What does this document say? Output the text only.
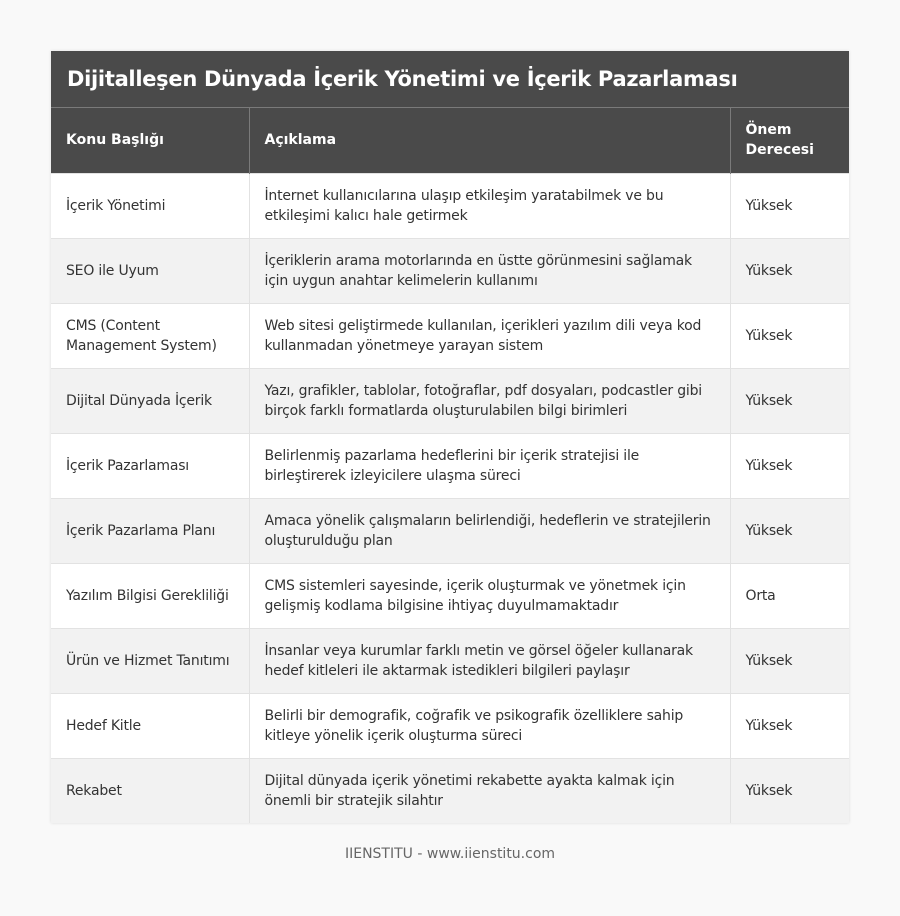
Dijitalleşen Dünyada İçerik Yönetimi ve İçerik Pazarlaması
Konu Başlığı	Açıklama	Önem Derecesi
İçerik Yönetimi	İnternet kullanıcılarına ulaşıp etkileşim yaratabilmek ve bu etkileşimi kalıcı hale getirmek	Yüksek
SEO ile Uyum	İçeriklerin arama motorlarında en üstte görünmesini sağlamak için uygun anahtar kelimelerin kullanımı	Yüksek
CMS (Content Management System)	Web sitesi geliştirmede kullanılan, içerikleri yazılım dili veya kod kullanmadan yönetmeye yarayan sistem	Yüksek
Dijital Dünyada İçerik	Yazı, grafikler, tablolar, fotoğraflar, pdf dosyaları, podcastler gibi birçok farklı formatlarda oluşturulabilen bilgi birimleri	Yüksek
İçerik Pazarlaması	Belirlenmiş pazarlama hedeflerini bir içerik stratejisi ile birleştirerek izleyicilere ulaşma süreci	Yüksek
İçerik Pazarlama Planı	Amaca yönelik çalışmaların belirlendiği, hedeflerin ve stratejilerin oluşturulduğu plan	Yüksek
Yazılım Bilgisi Gerekliliği	CMS sistemleri sayesinde, içerik oluşturmak ve yönetmek için gelişmiş kodlama bilgisine ihtiyaç duyulmamaktadır	Orta
Ürün ve Hizmet Tanıtımı	İnsanlar veya kurumlar farklı metin ve görsel öğeler kullanarak hedef kitleleri ile aktarmak istedikleri bilgileri paylaşır	Yüksek
Hedef Kitle	Belirli bir demografik, coğrafik ve psikografik özelliklere sahip kitleye yönelik içerik oluşturma süreci	Yüksek
Rekabet	Dijital dünyada içerik yönetimi rekabette ayakta kalmak için önemli bir stratejik silahtır	Yüksek
IIENSTITU - www.iienstitu.com
